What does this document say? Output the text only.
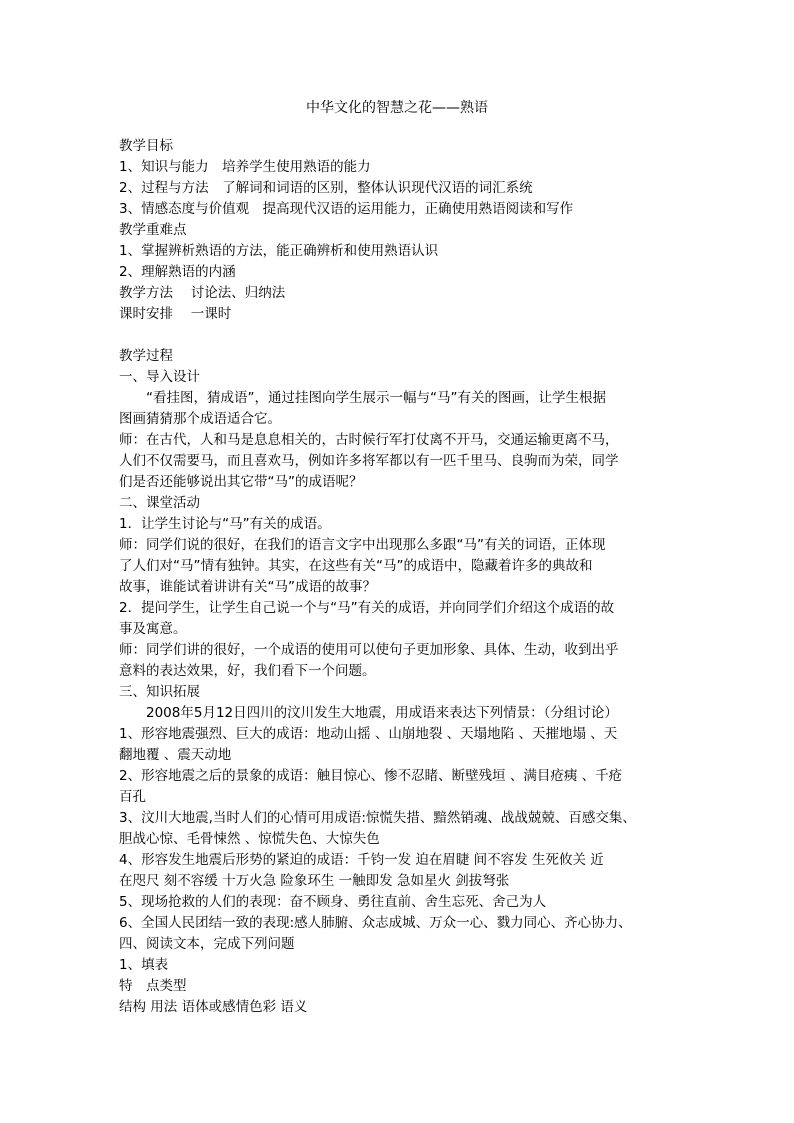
中华文化的智慧之花——熟语
教学目标
1、知识与能力　培养学生使用熟语的能力
2、过程与方法　了解词和词语的区别，整体认识现代汉语的词汇系统
3、情感态度与价值观　提高现代汉语的运用能力，正确使用熟语阅读和写作
教学重难点
1、掌握辨析熟语的方法，能正确辨析和使用熟语认识
2、理解熟语的内涵
教学方法　 讨论法、归纳法
课时安排　 一课时
教学过程
一、导入设计
　　“看挂图，猜成语”，通过挂图向学生展示一幅与“马”有关的图画，让学生根据
图画猜猜那个成语适合它。
师：在古代，人和马是息息相关的，古时候行军打仗离不开马，交通运输更离不马，
人们不仅需要马，而且喜欢马，例如许多将军都以有一匹千里马、良驹而为荣，同学
们是否还能够说出其它带“马”的成语呢？
二、课堂活动
1．让学生讨论与“马”有关的成语。
师：同学们说的很好，在我们的语言文字中出现那么多跟“马”有关的词语，正体现
了人们对“马”情有独钟。其实，在这些有关“马”的成语中，隐藏着许多的典故和
故事，谁能试着讲讲有关“马”成语的故事？
2．提问学生，让学生自己说一个与“马”有关的成语，并向同学们介绍这个成语的故
事及寓意。
师：同学们讲的很好，一个成语的使用可以使句子更加形象、具体、生动，收到出乎
意料的表达效果，好，我们看下一个问题。
三、知识拓展
　　2008年5月12日四川的汶川发生大地震，用成语来表达下列情景：（分组讨论）
1、形容地震强烈、巨大的成语：地动山摇 、山崩地裂 、天塌地陷 、天摧地塌 、天
翻地覆 、震天动地
2、形容地震之后的景象的成语：触目惊心、惨不忍睹、断壁残垣 、满目疮痍 、千疮
百孔
3、汶川大地震,当时人们的心情可用成语:惊慌失措、黯然销魂、战战兢兢、百感交集、
胆战心惊、毛骨悚然 、惊慌失色、大惊失色
4、形容发生地震后形势的紧迫的成语：千钧一发 迫在眉睫 间不容发 生死攸关 近
在咫尺 刻不容缓 十万火急 险象环生 一触即发 急如星火 剑拔弩张
5、现场抢救的人们的表现：奋不顾身、勇往直前、舍生忘死、舍己为人
6、全国人民团结一致的表现:感人肺腑、众志成城、万众一心、戮力同心、齐心协力、
四、阅读文本，完成下列问题
1、填表
特　点类型
结构 用法 语体或感情色彩 语义
